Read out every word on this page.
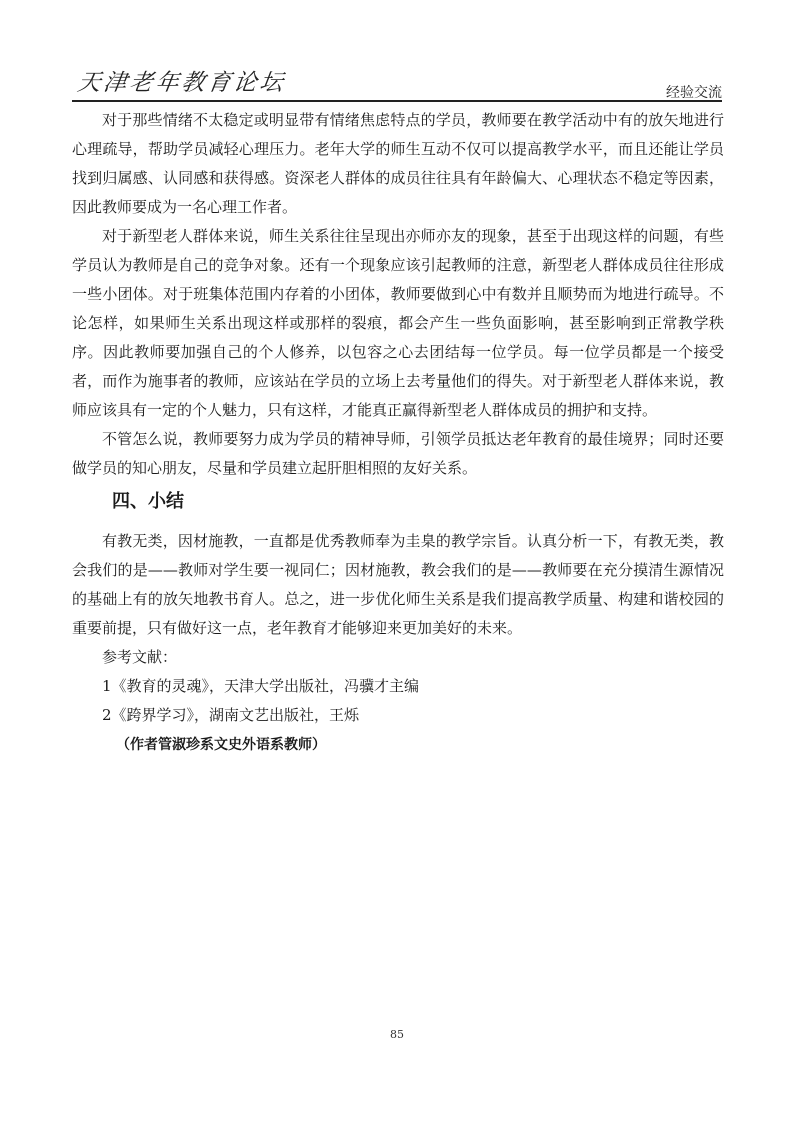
天津老年教育论坛	经验交流

对于那些情绪不太稳定或明显带有情绪焦虑特点的学员，教师要在教学活动中有的放矢地进行心理疏导，帮助学员减轻心理压力。老年大学的师生互动不仅可以提高教学水平，而且还能让学员找到归属感、认同感和获得感。资深老人群体的成员往往具有年龄偏大、心理状态不稳定等因素，因此教师要成为一名心理工作者。

对于新型老人群体来说，师生关系往往呈现出亦师亦友的现象，甚至于出现这样的问题，有些学员认为教师是自己的竞争对象。还有一个现象应该引起教师的注意，新型老人群体成员往往形成一些小团体。对于班集体范围内存着的小团体，教师要做到心中有数并且顺势而为地进行疏导。不论怎样，如果师生关系出现这样或那样的裂痕，都会产生一些负面影响，甚至影响到正常教学秩序。因此教师要加强自己的个人修养，以包容之心去团结每一位学员。每一位学员都是一个接受者，而作为施事者的教师，应该站在学员的立场上去考量他们的得失。对于新型老人群体来说，教师应该具有一定的个人魅力，只有这样，才能真正赢得新型老人群体成员的拥护和支持。

不管怎么说，教师要努力成为学员的精神导师，引领学员抵达老年教育的最佳境界；同时还要做学员的知心朋友，尽量和学员建立起肝胆相照的友好关系。

四、小结

有教无类，因材施教，一直都是优秀教师奉为圭臬的教学宗旨。认真分析一下，有教无类，教会我们的是——教师对学生要一视同仁；因材施教，教会我们的是——教师要在充分摸清生源情况的基础上有的放矢地教书育人。总之，进一步优化师生关系是我们提高教学质量、构建和谐校园的重要前提，只有做好这一点，老年教育才能够迎来更加美好的未来。

参考文献：

1《教育的灵魂》，天津大学出版社，冯骥才主编
2《跨界学习》，湖南文艺出版社，王烁

（作者管淑珍系文史外语系教师）

85
